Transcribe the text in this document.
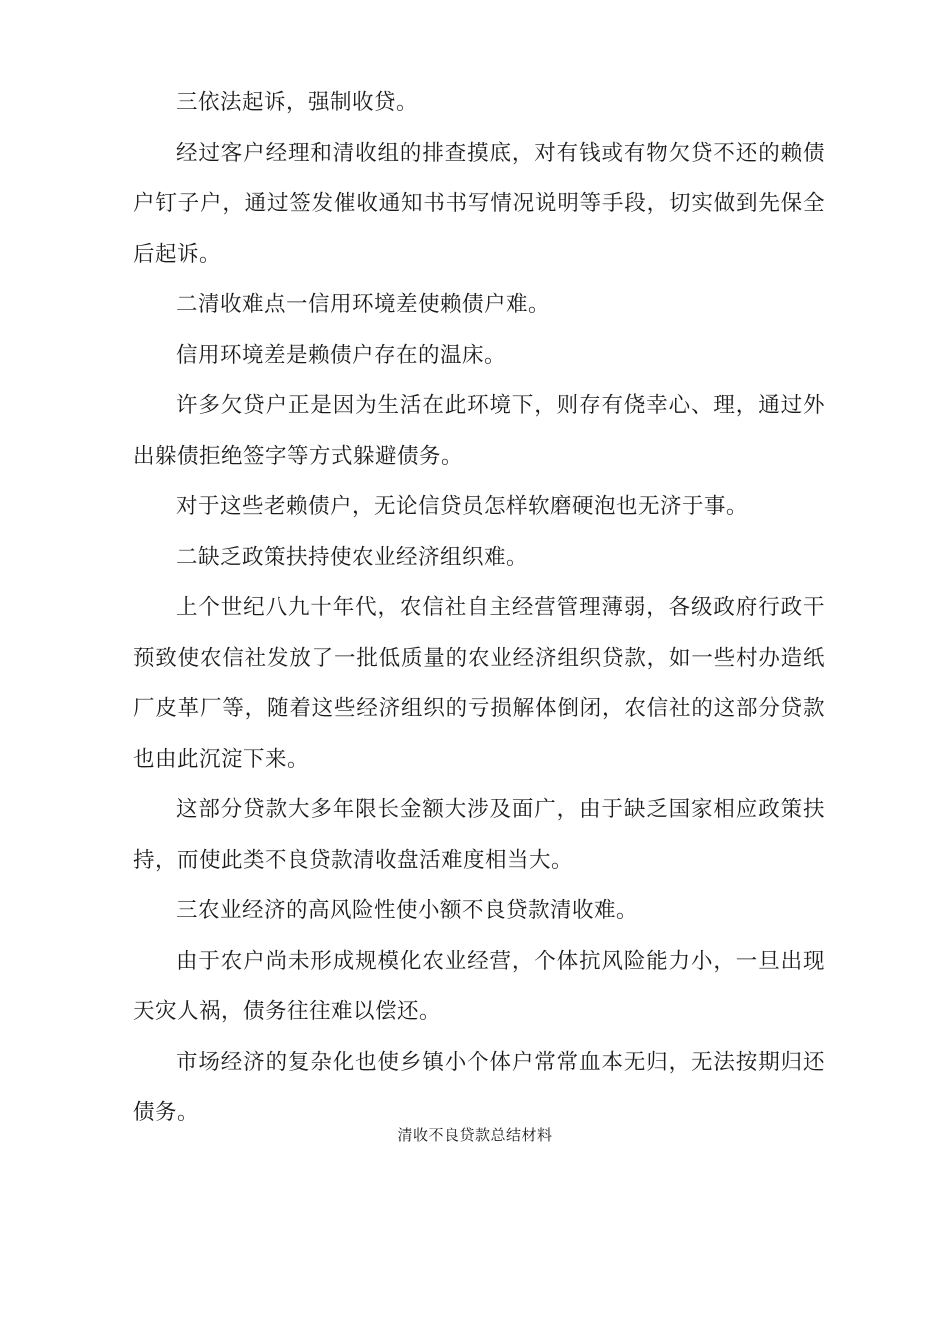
三依法起诉，强制收贷。

经过客户经理和清收组的排查摸底，对有钱或有物欠贷不还的赖债户钉子户，通过签发催收通知书书写情况说明等手段，切实做到先保全后起诉。

二清收难点一信用环境差使赖债户难。

信用环境差是赖债户存在的温床。

许多欠贷户正是因为生活在此环境下，则存有侥幸心、理，通过外出躲债拒绝签字等方式躲避债务。

对于这些老赖债户，无论信贷员怎样软磨硬泡也无济于事。

二缺乏政策扶持使农业经济组织难。

上个世纪八九十年代，农信社自主经营管理薄弱，各级政府行政干预致使农信社发放了一批低质量的农业经济组织贷款，如一些村办造纸厂皮革厂等，随着这些经济组织的亏损解体倒闭，农信社的这部分贷款也由此沉淀下来。

这部分贷款大多年限长金额大涉及面广，由于缺乏国家相应政策扶持，而使此类不良贷款清收盘活难度相当大。

三农业经济的高风险性使小额不良贷款清收难。

由于农户尚未形成规模化农业经营，个体抗风险能力小，一旦出现天灾人祸，债务往往难以偿还。

市场经济的复杂化也使乡镇小个体户常常血本无归，无法按期归还债务。

清收不良贷款总结材料
